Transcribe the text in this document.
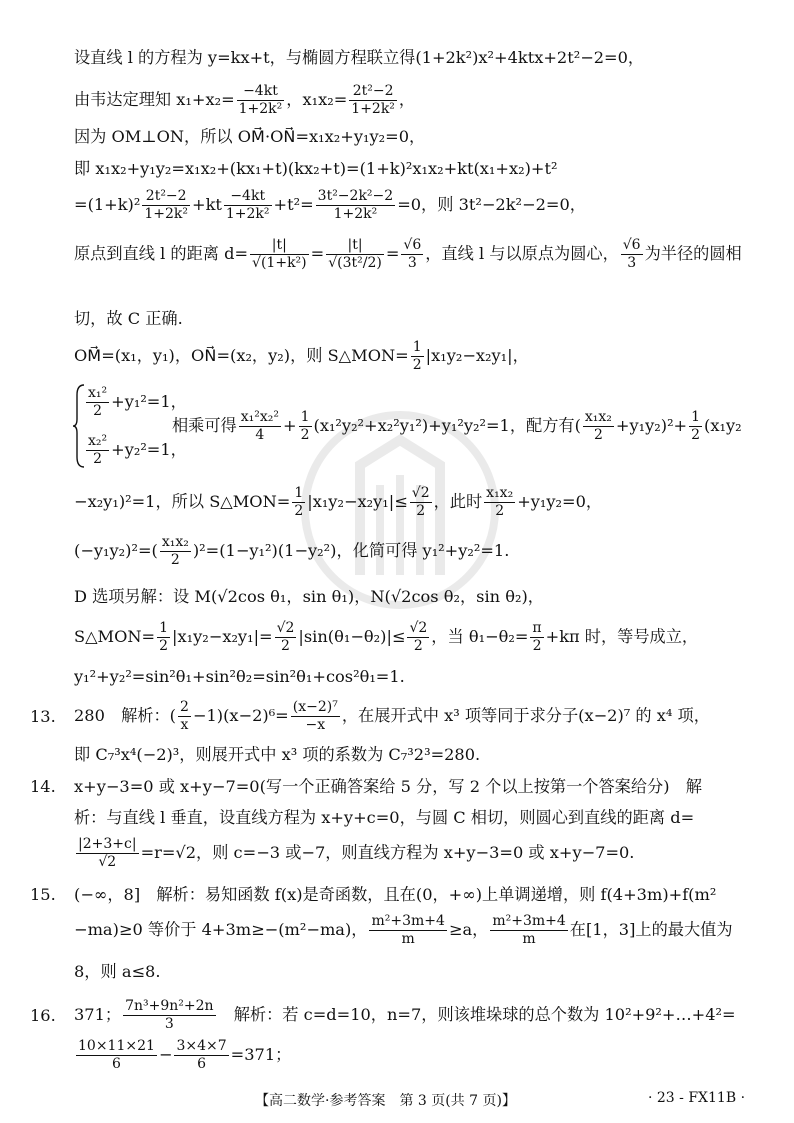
设直线 l 的方程为 y=kx+t，与椭圆方程联立得(1+2k²)x²+4ktx+2t²−2=0，
由韦达定理知 $x_1+x_2= \frac{-4kt}{\text{1+2k²}}$ ，$x_1x_2= \frac{\text{2t²−2}}{\text{1+2k²}}$ ，
因为 OM⊥ON，所以 OM⃗·ON⃗=x₁x₂+y₁y₂=0，
即 x₁x₂+y₁y₂=x₁x₂+(kx₁+t)(kx₂+t)=(1+k)²x₁x₂+kt(x₁+x₂)+t²
$=(1+k)^2 \frac{\text{2t²−2}}{\text{1+2k²}} +kt \frac{-4kt}{\text{1+2k²}} +t^2= \frac{\text{3t²−2k²−2}}{\text{1+2k²}} =0$，则 3t²−2k²−2=0，
原点到直线 l 的距离 $d= \frac{|t|}{\text{√(1+k²)}} = \frac{|t|}{\text{√(3t²/2)}} = \frac{√6}{3}$ ，直线 l 与以原点为圆心， $\frac{√6}{3}$ 为半径的圆相
切，故 C 正确.
OM⃗=(x₁，y₁)，ON⃗=(x₂，y₂)，则 S△MON= $\frac{1}{2} |x_1y_2-x_2y_1|$，
$\frac{\text{x₁²}}{2} +y_1^2=1$，
$\frac{\text{x₂²}}{2} +y_2^2=1$，
相乘可得 $\frac{\text{x₁²x₂²}}{4} + \frac{1}{2} (x_1^2y_2^2+x_2^2y_1^2)+y_1^2y_2^2=1$，配方有( $\frac{\text{x₁x₂}}{2} +y_1y_2)^2+ \frac{1}{2} (x_1y_2$
−x₂y₁)²=1，所以 S△MON= $\frac{1}{2} |x_1y_2-x_2y_1|\le \frac{√2}{2}$ ，此时 $\frac{\text{x₁x₂}}{2} +y_1y_2=0$，
$(-y_1y_2)^2=( \frac{\text{x₁x₂}}{2} )^2=(1-y_1^2)(1-y_2^2)$，化简可得 y₁²+y₂²=1.
D 选项另解：设 M(√2cos θ₁，sin θ₁)，N(√2cos θ₂，sin θ₂)，
S△MON= $\frac{1}{2} |x_1y_2-x_2y_1|= \frac{√2}{2} |\sin(\theta_1-\theta_2)|\le \frac{√2}{2}$ ，当 $\theta_1-\theta_2= \frac{\pi}{2} +k\pi$ 时，等号成立，
y₁²+y₂²=sin²θ₁+sin²θ₂=sin²θ₁+cos²θ₁=1.
13. 280　解析：( $\frac{2}{x} -1)(x-2)^6= \frac{\text{(x−2)⁷}}{-x}$ ，在展开式中 x³ 项等同于求分子(x−2)⁷ 的 x⁴ 项，
即 C₇³x⁴(−2)³，则展开式中 x³ 项的系数为 C₇³2³=280.
14. x+y−3=0 或 x+y−7=0(写一个正确答案给 5 分，写 2 个以上按第一个答案给分)　解
析：与直线 l 垂直，设直线方程为 x+y+c=0，与圆 C 相切，则圆心到直线的距离 d=
$\frac{|2+3+c|}{√2} =r=√2$，则 c=−3 或−7，则直线方程为 x+y−3=0 或 x+y−7=0.
15. (−∞，8]　解析：易知函数 f(x)是奇函数，且在(0，+∞)上单调递增，则 f(4+3m)+f(m²
−ma)≥0 等价于 4+3m≥−(m²−ma)， $\frac{\text{m²+3m+4}}{m} \ge a$， $\frac{\text{m²+3m+4}}{m}$ 在[1，3]上的最大值为
8，则 a≤8.
16. 371； $\frac{\text{7n³+9n²+2n}}{3}$ 　解析：若 c=d=10，n=7，则该堆垛球的总个数为 10²+9²+…+4²=
$\frac{10\times 11\times 21}{6} - \frac{3\times 4\times 7}{6} =371$；
【高二数学·参考答案　第 3 页(共 7 页)】	· 23 - FX11B ·
